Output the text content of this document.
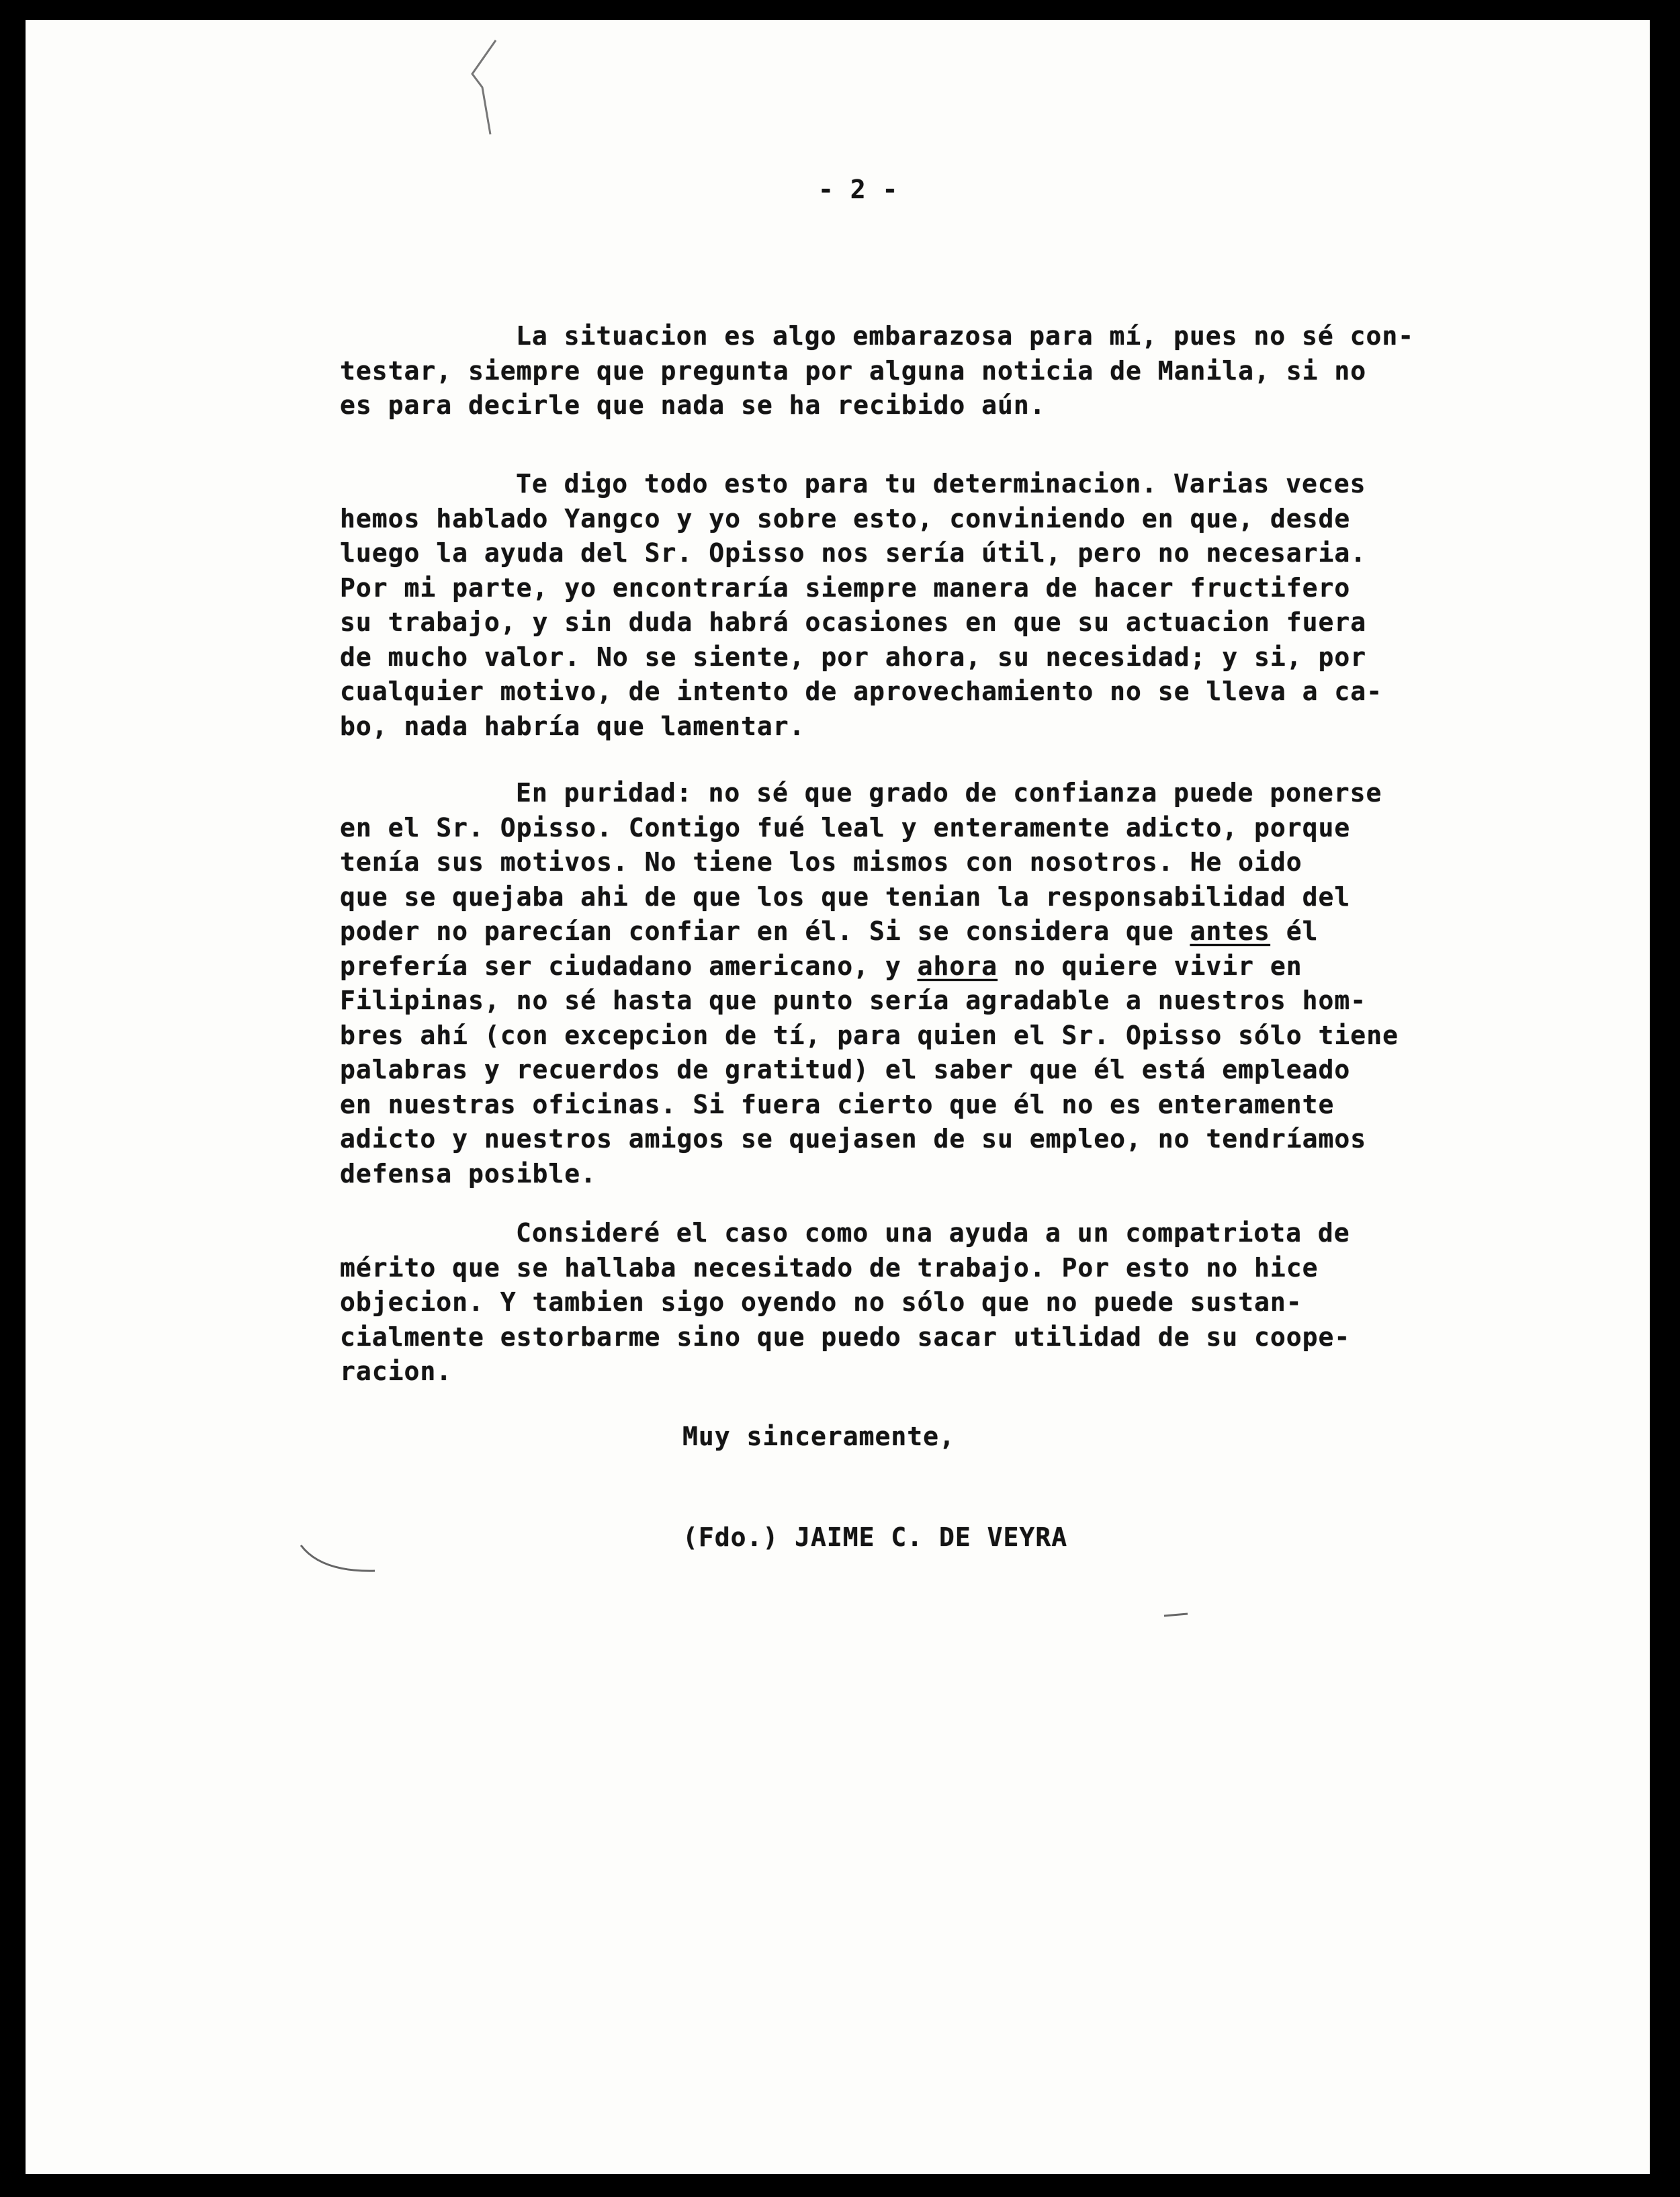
- 2 -
La situacion es algo embarazosa para mí, pues no sé con-
testar, siempre que pregunta por alguna noticia de Manila, si no
es para decirle que nada se ha recibido aún.
Te digo todo esto para tu determinacion. Varias veces
hemos hablado Yangco y yo sobre esto, conviniendo en que, desde
luego la ayuda del Sr. Opisso nos sería útil, pero no necesaria.
Por mi parte, yo encontraría siempre manera de hacer fructifero
su trabajo, y sin duda habrá ocasiones en que su actuacion fuera
de mucho valor. No se siente, por ahora, su necesidad; y si, por
cualquier motivo, de intento de aprovechamiento no se lleva a ca-
bo, nada habría que lamentar.
En puridad: no sé que grado de confianza puede ponerse
en el Sr. Opisso. Contigo fué leal y enteramente adicto, porque
tenía sus motivos. No tiene los mismos con nosotros. He oido
que se quejaba ahi de que los que tenian la responsabilidad del
poder no parecían confiar en él. Si se considera que antes él
prefería ser ciudadano americano, y ahora no quiere vivir en
Filipinas, no sé hasta que punto sería agradable a nuestros hom-
bres ahí (con excepcion de tí, para quien el Sr. Opisso sólo tiene
palabras y recuerdos de gratitud) el saber que él está empleado
en nuestras oficinas. Si fuera cierto que él no es enteramente
adicto y nuestros amigos se quejasen de su empleo, no tendríamos
defensa posible.
Consideré el caso como una ayuda a un compatriota de
mérito que se hallaba necesitado de trabajo. Por esto no hice
objecion. Y tambien sigo oyendo no sólo que no puede sustan-
cialmente estorbarme sino que puedo sacar utilidad de su coope-
racion.
Muy sinceramente,
(Fdo.) JAIME C. DE VEYRA
